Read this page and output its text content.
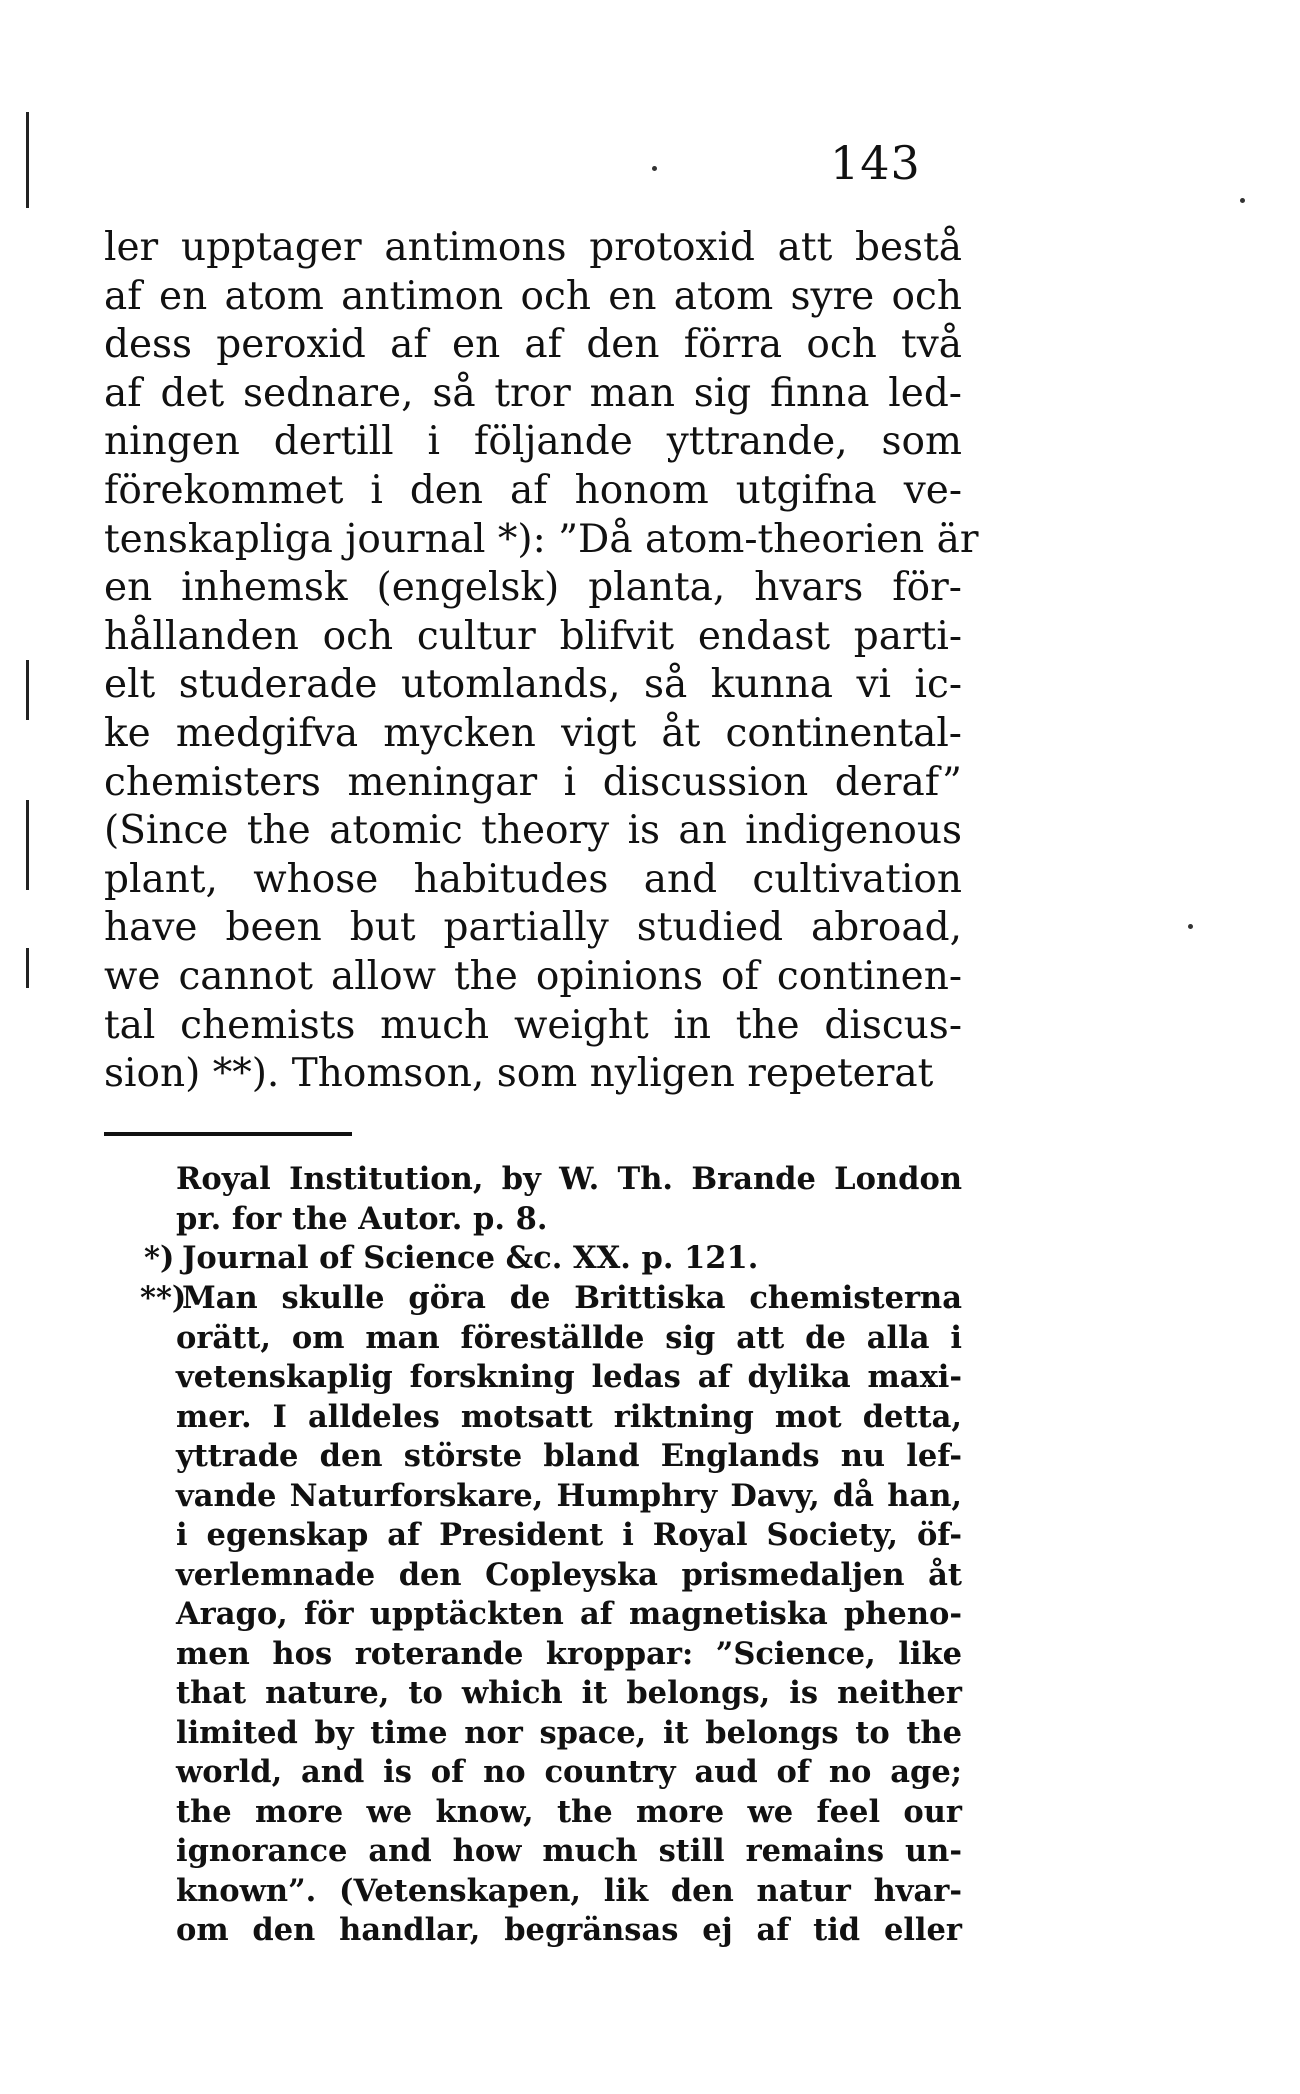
143
ler upptager antimons protoxid att bestå
af en atom antimon och en atom syre och
dess peroxid af en af den förra och två
af det sednare, så tror man sig finna led-
ningen dertill i följande yttrande, som
förekommet i den af honom utgifna ve-
tenskapliga journal *): ”Då atom-theorien är
en inhemsk (engelsk) planta, hvars för-
hållanden och cultur blifvit endast parti-
elt studerade utomlands, så kunna vi ic-
ke medgifva mycken vigt åt continental-
chemisters meningar i discussion deraf”
(Since the atomic theory is an indigenous
plant, whose habitudes and cultivation
have been but partially studied abroad,
we cannot allow the opinions of continen-
tal chemists much weight in the discus-
sion) **). Thomson, som nyligen repeterat
Royal Institution, by W. Th. Brande London
pr. for the Autor. p. 8.
*) Journal of Science &c. XX. p. 121.
**)
Man skulle göra de Brittiska chemisterna
orätt, om man föreställde sig att de alla i
vetenskaplig forskning ledas af dylika maxi-
mer. I alldeles motsatt riktning mot detta,
yttrade den störste bland Englands nu lef-
vande Naturforskare, Humphry Davy, då han,
i egenskap af President i Royal Society, öf-
verlemnade den Copleyska prismedaljen åt
Arago, för upptäckten af magnetiska pheno-
men hos roterande kroppar: ”Science, like
that nature, to which it belongs, is neither
limited by time nor space, it belongs to the
world, and is of no country aud of no age;
the more we know, the more we feel our
ignorance and how much still remains un-
known”. (Vetenskapen, lik den natur hvar-
om den handlar, begränsas ej af tid eller
